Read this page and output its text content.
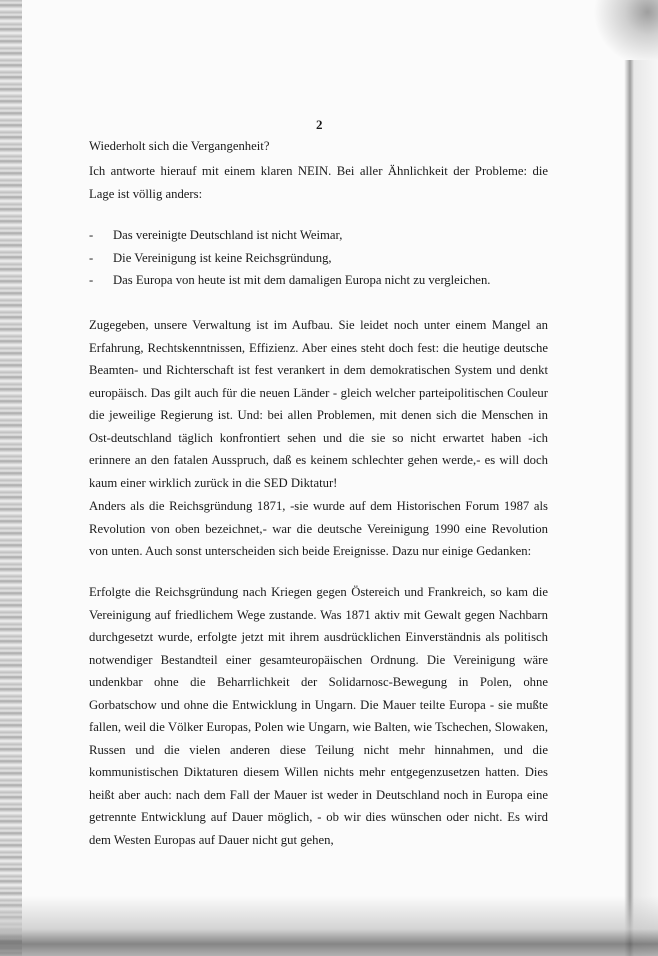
2
Wiederholt sich die Vergangenheit?
Ich antworte hierauf mit einem klaren NEIN. Bei aller Ähnlichkeit der Probleme: die Lage ist völlig anders:
-	Das vereinigte Deutschland ist nicht Weimar,
-	Die Vereinigung ist keine Reichsgründung,
-	Das Europa von heute ist mit dem damaligen Europa nicht zu vergleichen.
Zugegeben, unsere Verwaltung ist im Aufbau. Sie leidet noch unter einem Mangel an Erfahrung, Rechtskenntnissen, Effizienz. Aber eines steht doch fest: die heutige deutsche Beamten- und Richterschaft ist fest verankert in dem demokratischen System und denkt europäisch. Das gilt auch für die neuen Länder - gleich welcher parteipolitischen Couleur die jeweilige Regierung ist. Und: bei allen Problemen, mit denen sich die Menschen in Ost-deutschland täglich konfrontiert sehen und die sie so nicht erwartet haben -ich erinnere an den fatalen Ausspruch, daß es keinem schlechter gehen werde,- es will doch kaum einer wirklich zurück in die SED Diktatur!
Anders als die Reichsgründung 1871, -sie wurde auf dem Historischen Forum 1987 als Revolution von oben bezeichnet,- war die deutsche Vereinigung 1990 eine Revolution von unten. Auch sonst unterscheiden sich beide Ereignisse. Dazu nur einige Gedanken:
Erfolgte die Reichsgründung nach Kriegen gegen Östereich und Frankreich, so kam die Vereinigung auf friedlichem Wege zustande. Was 1871 aktiv mit Gewalt gegen Nachbarn durchgesetzt wurde, erfolgte jetzt mit ihrem ausdrücklichen Einverständnis als politisch notwendiger Bestandteil einer gesamteuropäischen Ordnung. Die Vereinigung wäre undenkbar ohne die Beharrlichkeit der Solidarnosc-Bewegung in Polen, ohne Gorbatschow und ohne die Entwicklung in Ungarn. Die Mauer teilte Europa - sie mußte fallen, weil die Völker Europas, Polen wie Ungarn, wie Balten, wie Tschechen, Slowaken, Russen und die vielen anderen diese Teilung nicht mehr hinnahmen, und die kommunistischen Diktaturen diesem Willen nichts mehr entgegenzusetzen hatten. Dies heißt aber auch: nach dem Fall der Mauer ist weder in Deutschland noch in Europa eine getrennte Entwicklung auf Dauer möglich, - ob wir dies wünschen oder nicht. Es wird dem Westen Europas auf Dauer nicht gut gehen,
